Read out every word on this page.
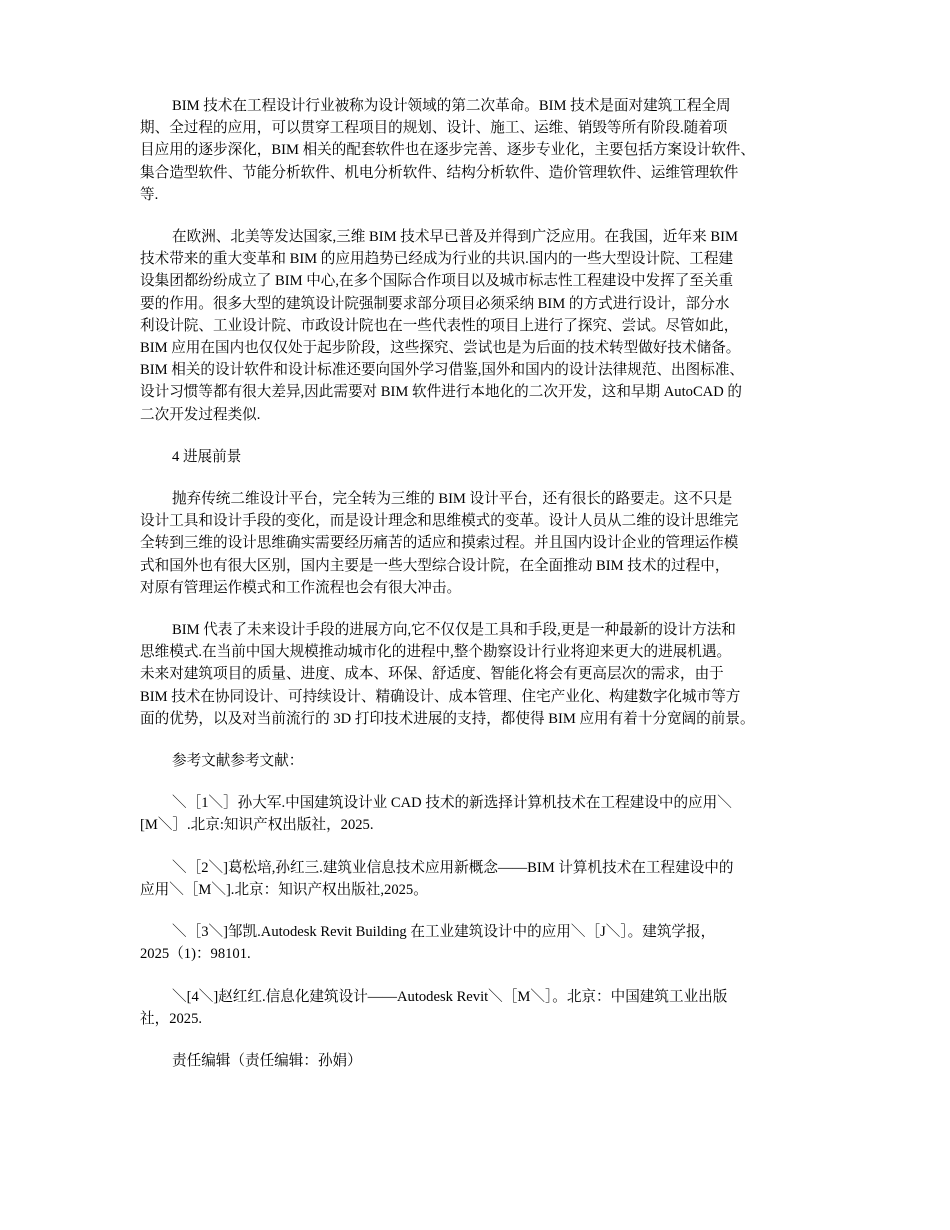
BIM 技术在工程设计行业被称为设计领域的第二次革命。BIM 技术是面对建筑工程全周
期、全过程的应用，可以贯穿工程项目的规划、设计、施工、运维、销毁等所有阶段.随着项
目应用的逐步深化，BIM 相关的配套软件也在逐步完善、逐步专业化，主要包括方案设计软件、
集合造型软件、节能分析软件、机电分析软件、结构分析软件、造价管理软件、运维管理软件
等.

在欧洲、北美等发达国家,三维 BIM 技术早已普及并得到广泛应用。在我国，近年来 BIM
技术带来的重大变革和 BIM 的应用趋势已经成为行业的共识.国内的一些大型设计院、工程建
设集团都纷纷成立了 BIM 中心,在多个国际合作项目以及城市标志性工程建设中发挥了至关重
要的作用。很多大型的建筑设计院强制要求部分项目必须采纳 BIM 的方式进行设计，部分水
利设计院、工业设计院、市政设计院也在一些代表性的项目上进行了探究、尝试。尽管如此，
BIM 应用在国内也仅仅处于起步阶段，这些探究、尝试也是为后面的技术转型做好技术储备。
BIM 相关的设计软件和设计标准还要向国外学习借鉴,国外和国内的设计法律规范、出图标准、
设计习惯等都有很大差异,因此需要对 BIM 软件进行本地化的二次开发，这和早期 AutoCAD 的
二次开发过程类似.

4 进展前景

抛弃传统二维设计平台，完全转为三维的 BIM 设计平台，还有很长的路要走。这不只是
设计工具和设计手段的变化，而是设计理念和思维模式的变革。设计人员从二维的设计思维完
全转到三维的设计思维确实需要经历痛苦的适应和摸索过程。并且国内设计企业的管理运作模
式和国外也有很大区别，国内主要是一些大型综合设计院，在全面推动 BIM 技术的过程中，
对原有管理运作模式和工作流程也会有很大冲击。

BIM 代表了未来设计手段的进展方向,它不仅仅是工具和手段,更是一种最新的设计方法和
思维模式.在当前中国大规模推动城市化的进程中,整个勘察设计行业将迎来更大的进展机遇。
未来对建筑项目的质量、进度、成本、环保、舒适度、智能化将会有更高层次的需求，由于
BIM 技术在协同设计、可持续设计、精确设计、成本管理、住宅产业化、构建数字化城市等方
面的优势，以及对当前流行的 3D 打印技术进展的支持，都使得 BIM 应用有着十分宽阔的前景。

参考文献参考文献：

＼［1＼］孙大军.中国建筑设计业 CAD 技术的新选择计算机技术在工程建设中的应用＼
[M＼］.北京:知识产权出版社，2025.

＼［2＼]葛松培,孙红三.建筑业信息技术应用新概念——BIM 计算机技术在工程建设中的
应用＼［M＼].北京：知识产权出版社,2025。

＼［3＼]邹凯.Autodesk Revit Building 在工业建筑设计中的应用＼［J＼］。建筑学报，
2025（1)：98101.

＼[4＼]赵红红.信息化建筑设计——Autodesk Revit＼［M＼］。北京：中国建筑工业出版
社，2025.

责任编辑（责任编辑：孙娟）
